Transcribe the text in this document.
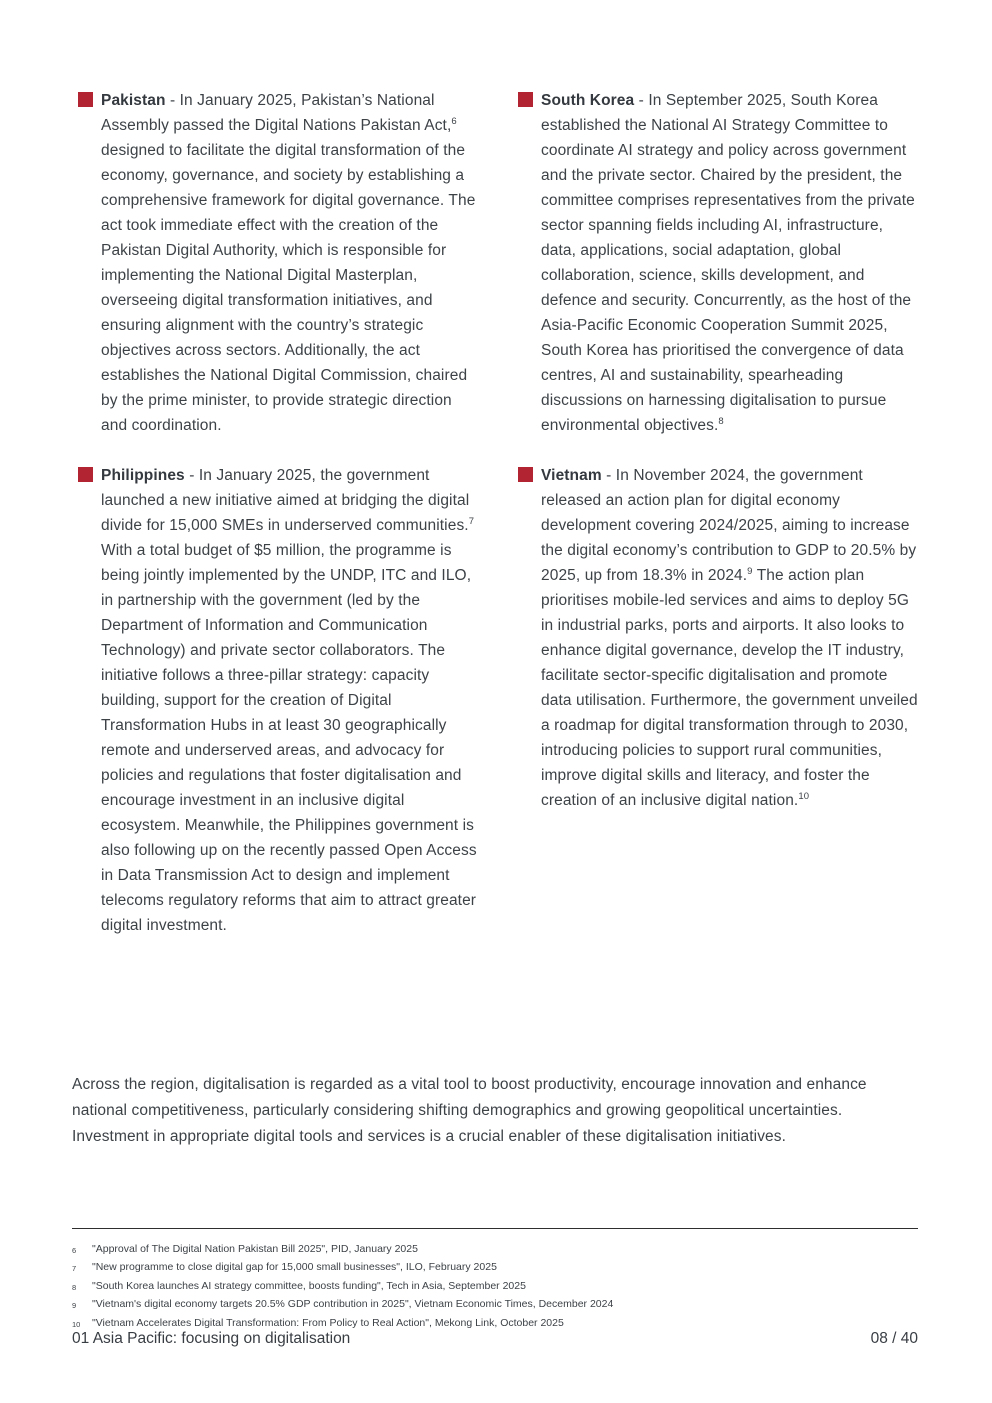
Pakistan - In January 2025, Pakistan’s National Assembly passed the Digital Nations Pakistan Act,$^6$ designed to facilitate the digital transformation of the economy, governance, and society by establishing a comprehensive framework for digital governance. The act took immediate effect with the creation of the Pakistan Digital Authority, which is responsible for implementing the National Digital Masterplan, overseeing digital transformation initiatives, and ensuring alignment with the country’s strategic objectives across sectors. Additionally, the act establishes the National Digital Commission, chaired by the prime minister, to provide strategic direction and coordination.

Philippines - In January 2025, the government launched a new initiative aimed at bridging the digital divide for 15,000 SMEs in underserved communities.$^7$ With a total budget of $5 million, the programme is being jointly implemented by the UNDP, ITC and ILO, in partnership with the government (led by the Department of Information and Communication Technology) and private sector collaborators. The initiative follows a three-pillar strategy: capacity building, support for the creation of Digital Transformation Hubs in at least 30 geographically remote and underserved areas, and advocacy for policies and regulations that foster digitalisation and encourage investment in an inclusive digital ecosystem. Meanwhile, the Philippines government is also following up on the recently passed Open Access in Data Transmission Act to design and implement telecoms regulatory reforms that aim to attract greater digital investment.

South Korea - In September 2025, South Korea established the National AI Strategy Committee to coordinate AI strategy and policy across government and the private sector. Chaired by the president, the committee comprises representatives from the private sector spanning fields including AI, infrastructure, data, applications, social adaptation, global collaboration, science, skills development, and defence and security. Concurrently, as the host of the Asia-Pacific Economic Cooperation Summit 2025, South Korea has prioritised the convergence of data centres, AI and sustainability, spearheading discussions on harnessing digitalisation to pursue environmental objectives.$^8$

Vietnam - In November 2024, the government released an action plan for digital economy development covering 2024/2025, aiming to increase the digital economy’s contribution to GDP to 20.5% by 2025, up from 18.3% in 2024.$^9$ The action plan prioritises mobile-led services and aims to deploy 5G in industrial parks, ports and airports. It also looks to enhance digital governance, develop the IT industry, facilitate sector-specific digitalisation and promote data utilisation. Furthermore, the government unveiled a roadmap for digital transformation through to 2030, introducing policies to support rural communities, improve digital skills and literacy, and foster the creation of an inclusive digital nation.$^{10}$

Across the region, digitalisation is regarded as a vital tool to boost productivity, encourage innovation and enhance national competitiveness, particularly considering shifting demographics and growing geopolitical uncertainties. Investment in appropriate digital tools and services is a crucial enabler of these digitalisation initiatives.

6	"Approval of The Digital Nation Pakistan Bill 2025", PID, January 2025
7	"New programme to close digital gap for 15,000 small businesses", ILO, February 2025
8	"South Korea launches AI strategy committee, boosts funding", Tech in Asia, September 2025
9	"Vietnam's digital economy targets 20.5% GDP contribution in 2025", Vietnam Economic Times, December 2024
10	"Vietnam Accelerates Digital Transformation: From Policy to Real Action", Mekong Link, October 2025
01 Asia Pacific: focusing on digitalisation	08 / 40
